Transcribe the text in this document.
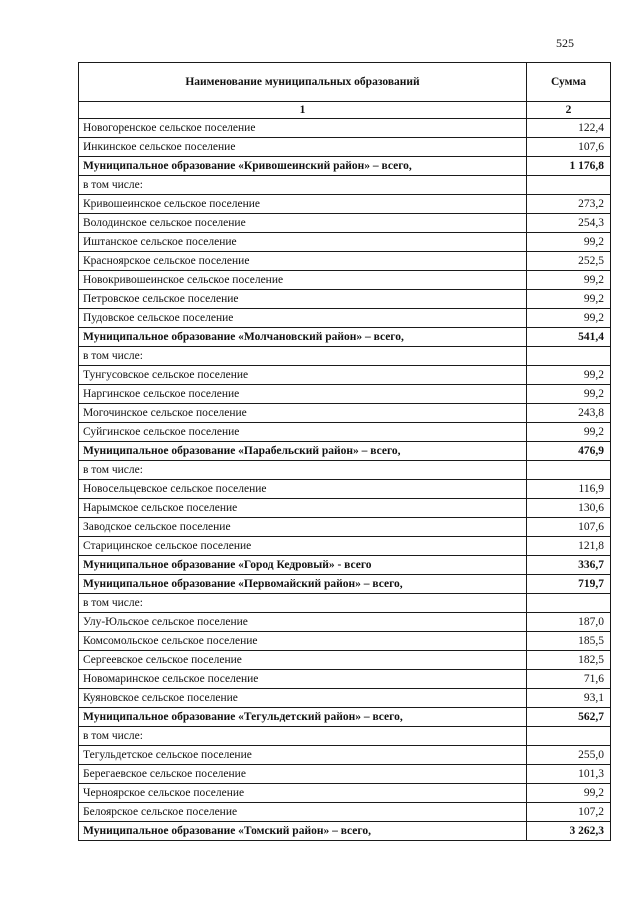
525
Наименование муниципальных образований	Сумма
1	2
Новогоренское сельское поселение	122,4
Инкинское сельское поселение	107,6
Муниципальное образование «Кривошеинский район» – всего,	1 176,8
в том числе:	
Кривошеинское сельское поселение	273,2
Володинское сельское поселение	254,3
Иштанское сельское поселение	99,2
Красноярское сельское поселение	252,5
Новокривошеинское сельское поселение	99,2
Петровское сельское поселение	99,2
Пудовское сельское поселение	99,2
Муниципальное образование «Молчановский район» – всего,	541,4
в том числе:	
Тунгусовское сельское поселение	99,2
Наргинское сельское поселение	99,2
Могочинское сельское поселение	243,8
Суйгинское сельское поселение	99,2
Муниципальное образование «Парабельский район» – всего,	476,9
в том числе:	
Новосельцевское сельское поселение	116,9
Нарымское сельское поселение	130,6
Заводское сельское поселение	107,6
Старицинское сельское поселение	121,8
Муниципальное образование «Город Кедровый» - всего	336,7
Муниципальное образование «Первомайский район» – всего,	719,7
в том числе:	
Улу-Юльское сельское поселение	187,0
Комсомольское сельское поселение	185,5
Сергеевское сельское поселение	182,5
Новомаринское сельское поселение	71,6
Куяновское сельское поселение	93,1
Муниципальное образование «Тегульдетский район» – всего,	562,7
в том числе:	
Тегульдетское сельское поселение	255,0
Берегаевское сельское поселение	101,3
Черноярское сельское поселение	99,2
Белоярское сельское поселение	107,2
Муниципальное образование «Томский район» – всего,	3 262,3
